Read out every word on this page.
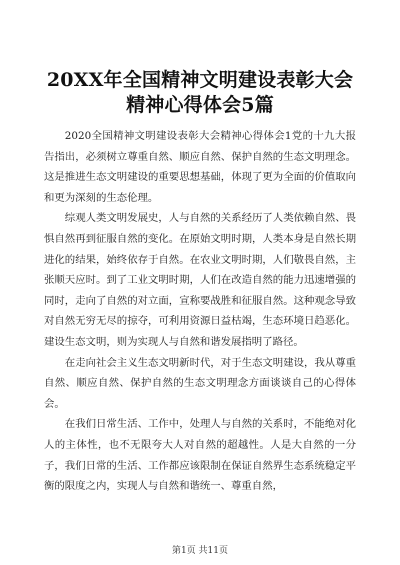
20XX年全国精神文明建设表彰大会精神心得体会5篇

2020全国精神文明建设表彰大会精神心得体会1党的十九大报告指出，必须树立尊重自然、顺应自然、保护自然的生态文明理念。这是推进生态文明建设的重要思想基础，体现了更为全面的价值取向和更为深刻的生态伦理。

综观人类文明发展史，人与自然的关系经历了人类依赖自然、畏惧自然再到征服自然的变化。在原始文明时期，人类本身是自然长期进化的结果，始终依存于自然。在农业文明时期，人们敬畏自然，主张顺天应时。到了工业文明时期，人们在改造自然的能力迅速增强的同时，走向了自然的对立面，宣称要战胜和征服自然。这种观念导致对自然无穷无尽的掠夺，可利用资源日益枯竭，生态环境日趋恶化。建设生态文明，则为实现人与自然和谐发展指明了路径。

在走向社会主义生态文明新时代，对于生态文明建设，我从尊重自然、顺应自然、保护自然的生态文明理念方面谈谈自己的心得体会。

在我们日常生活、工作中，处理人与自然的关系时，不能绝对化人的主体性，也不无限夸大人对自然的超越性。人是大自然的一分子，我们日常的生活、工作都应该限制在保证自然界生态系统稳定平衡的限度之内，实现人与自然和谐统一、尊重自然，

第1页 共11页
